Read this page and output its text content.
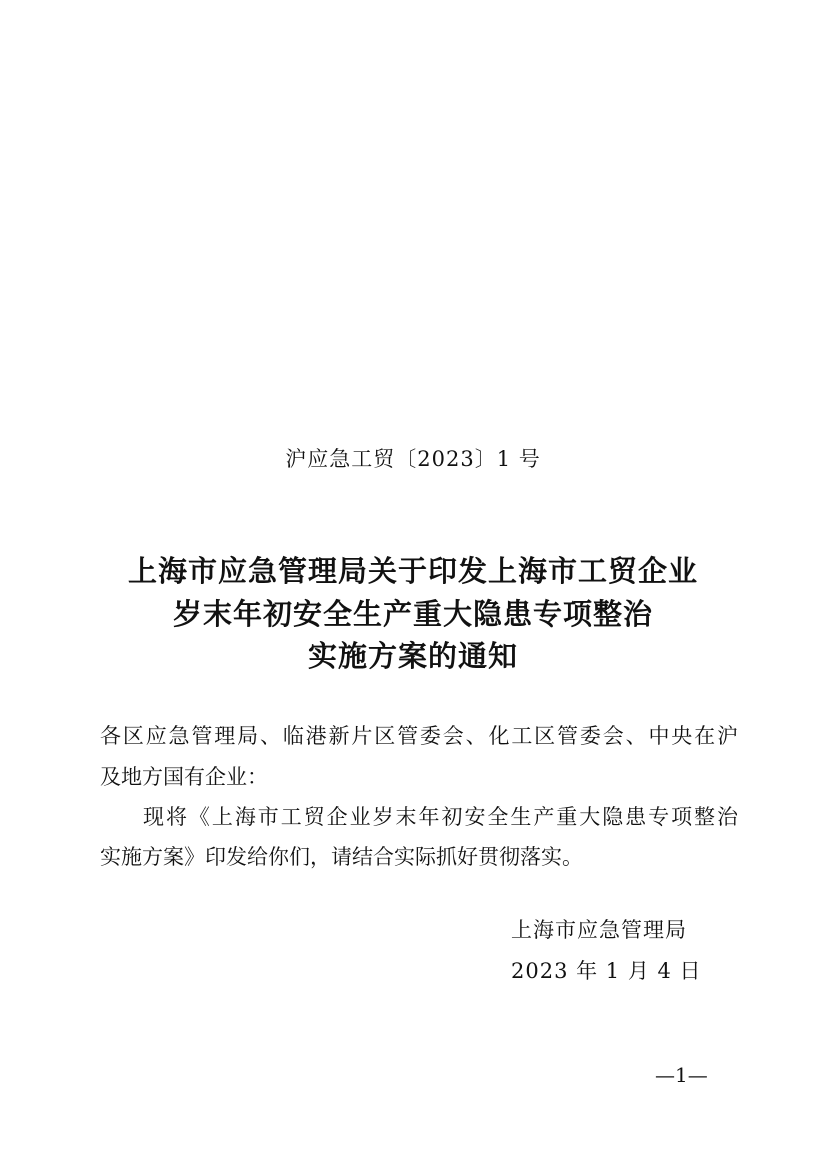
沪应急工贸〔2023〕1 号
上海市应急管理局关于印发上海市工贸企业
岁末年初安全生产重大隐患专项整治
实施方案的通知
各区应急管理局、临港新片区管委会、化工区管委会、中央在沪
及地方国有企业：
现将《上海市工贸企业岁末年初安全生产重大隐患专项整治
实施方案》印发给你们，请结合实际抓好贯彻落实。
上海市应急管理局
2023 年 1 月 4 日
—1—
